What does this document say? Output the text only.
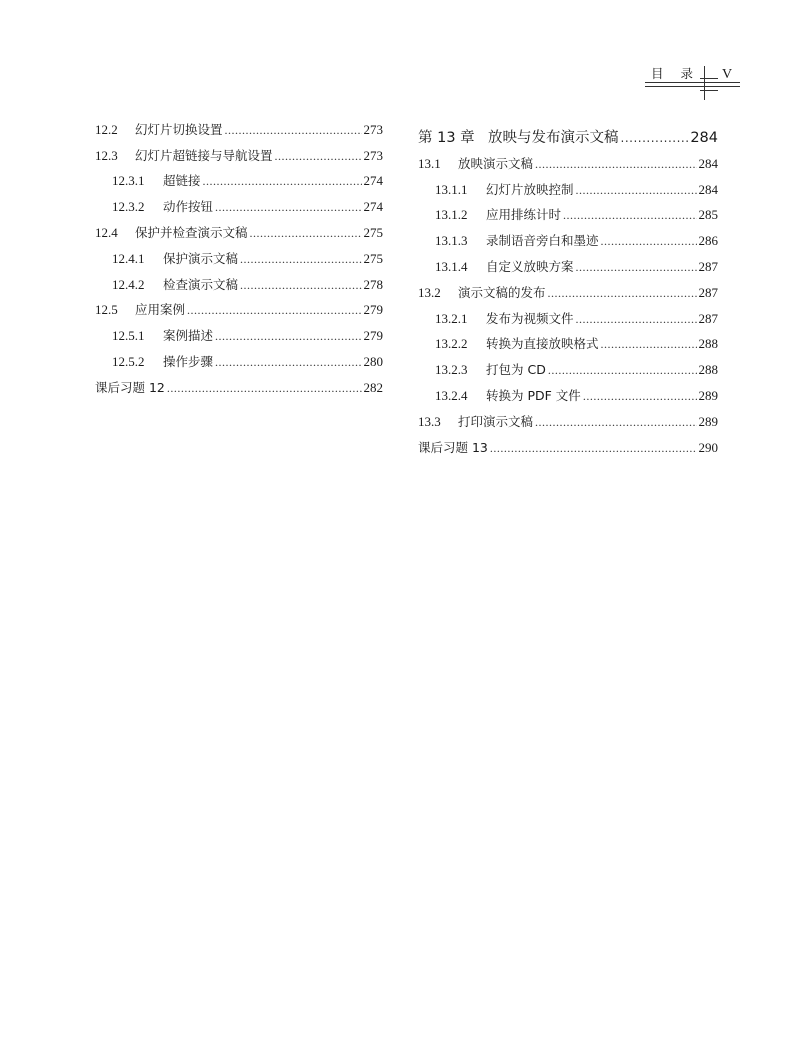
目 录 V
12.2	幻灯片切换设置 .....	273
12.3	幻灯片超链接与导航设置 .....	273
12.3.1	超链接 .....	274
12.3.2	动作按钮 .....	274
12.4	保护并检查演示文稿 .....	275
12.4.1	保护演示文稿 .....	275
12.4.2	检查演示文稿 .....	278
12.5	应用案例 .....	279
12.5.1	案例描述 .....	279
12.5.2	操作步骤 .....	280
课后习题 12 .....	282
第 13 章 放映与发布演示文稿 .....	284
13.1	放映演示文稿 .....	284
13.1.1	幻灯片放映控制 .....	284
13.1.2	应用排练计时 .....	285
13.1.3	录制语音旁白和墨迹 .....	286
13.1.4	自定义放映方案 .....	287
13.2	演示文稿的发布 .....	287
13.2.1	发布为视频文件 .....	287
13.2.2	转换为直接放映格式 .....	288
13.2.3	打包为 CD .....	288
13.2.4	转换为 PDF 文件 .....	289
13.3	打印演示文稿 .....	289
课后习题 13 .....	290
